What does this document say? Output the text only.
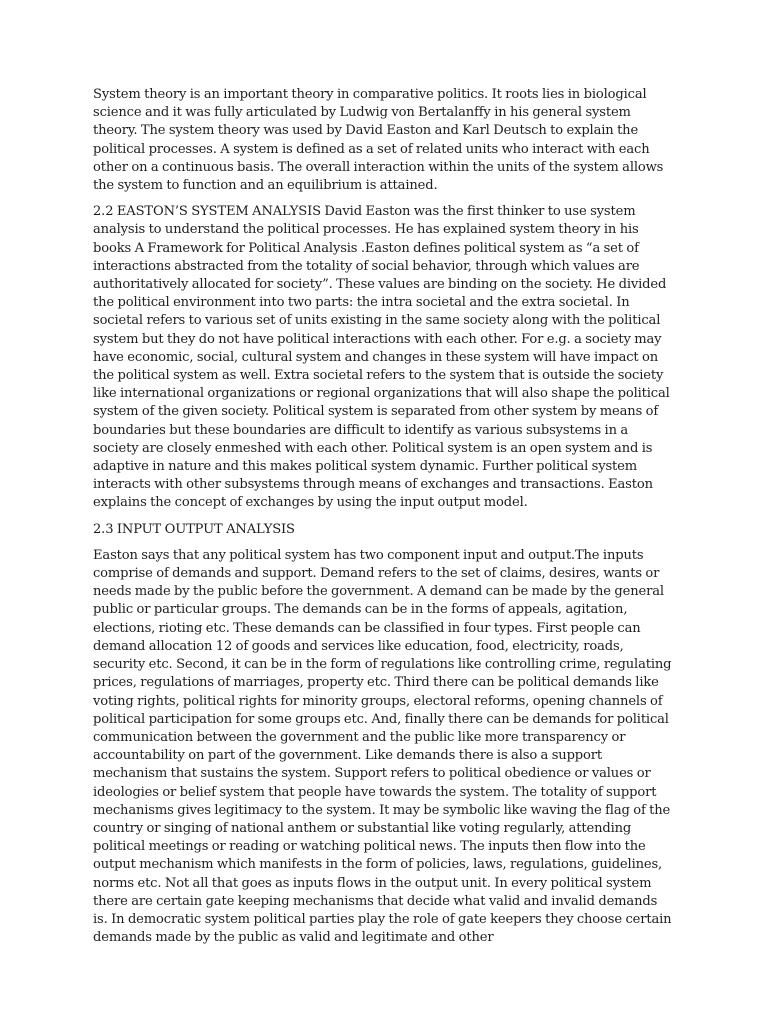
System theory is an important theory in comparative politics. It roots lies in biological science and it was fully articulated by Ludwig von Bertalanffy in his general system theory. The system theory was used by David Easton and Karl Deutsch to explain the political processes. A system is defined as a set of related units who interact with each other on a continuous basis. The overall interaction within the units of the system allows the system to function and an equilibrium is attained.

2.2 EASTON’S SYSTEM ANALYSIS David Easton was the first thinker to use system analysis to understand the political processes. He has explained system theory in his books A Framework for Political Analysis .Easton defines political system as “a set of interactions abstracted from the totality of social behavior, through which values are authoritatively allocated for society”. These values are binding on the society. He divided the political environment into two parts: the intra societal and the extra societal. In societal refers to various set of units existing in the same society along with the political system but they do not have political interactions with each other. For e.g. a society may have economic, social, cultural system and changes in these system will have impact on the political system as well. Extra societal refers to the system that is outside the society like international organizations or regional organizations that will also shape the political system of the given society. Political system is separated from other system by means of boundaries but these boundaries are difficult to identify as various subsystems in a society are closely enmeshed with each other. Political system is an open system and is adaptive in nature and this makes political system dynamic. Further political system interacts with other subsystems through means of exchanges and transactions. Easton explains the concept of exchanges by using the input output model.

2.3 INPUT OUTPUT ANALYSIS

Easton says that any political system has two component input and output.The inputs comprise of demands and support. Demand refers to the set of claims, desires, wants or needs made by the public before the government. A demand can be made by the general public or particular groups. The demands can be in the forms of appeals, agitation, elections, rioting etc. These demands can be classified in four types. First people can demand allocation 12 of goods and services like education, food, electricity, roads, security etc. Second, it can be in the form of regulations like controlling crime, regulating prices, regulations of marriages, property etc. Third there can be political demands like voting rights, political rights for minority groups, electoral reforms, opening channels of political participation for some groups etc. And, finally there can be demands for political communication between the government and the public like more transparency or accountability on part of the government. Like demands there is also a support mechanism that sustains the system. Support refers to political obedience or values or ideologies or belief system that people have towards the system. The totality of support mechanisms gives legitimacy to the system. It may be symbolic like waving the flag of the country or singing of national anthem or substantial like voting regularly, attending political meetings or reading or watching political news. The inputs then flow into the output mechanism which manifests in the form of policies, laws, regulations, guidelines, norms etc. Not all that goes as inputs flows in the output unit. In every political system there are certain gate keeping mechanisms that decide what valid and invalid demands is. In democratic system political parties play the role of gate keepers they choose certain demands made by the public as valid and legitimate and other
